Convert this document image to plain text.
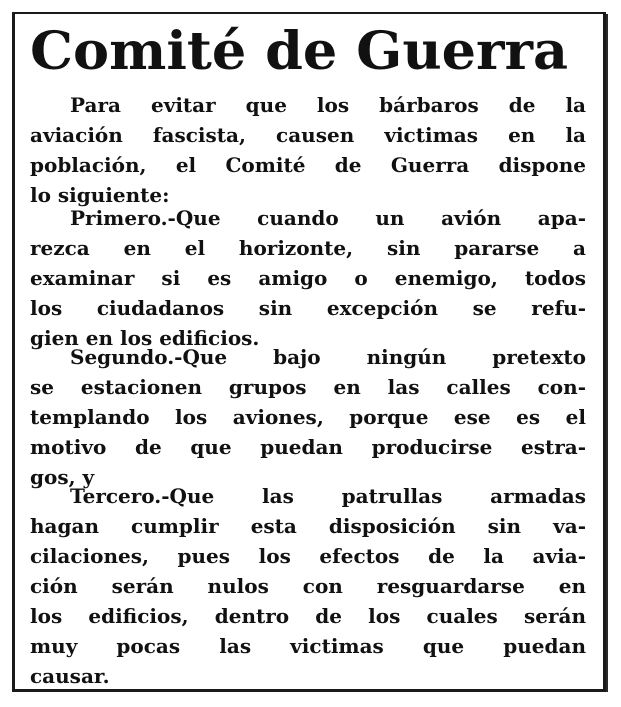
Comité de Guerra
Para evitar que los bárbaros de la
aviación fascista, causen victimas en la
población, el Comité de Guerra dispone
lo siguiente:
Primero.-Que cuando un avión apa-
rezca en el horizonte, sin pararse a
examinar si es amigo o enemigo, todos
los ciudadanos sin excepción se refu-
gien en los edificios.
Segundo.-Que bajo ningún pretexto
se estacionen grupos en las calles con-
templando los aviones, porque ese es el
motivo de que puedan producirse estra-
gos, y
Tercero.-Que las patrullas armadas
hagan cumplir esta disposición sin va-
cilaciones, pues los efectos de la avia-
ción serán nulos con resguardarse en
los edificios, dentro de los cuales serán
muy pocas las victimas que puedan
causar.
